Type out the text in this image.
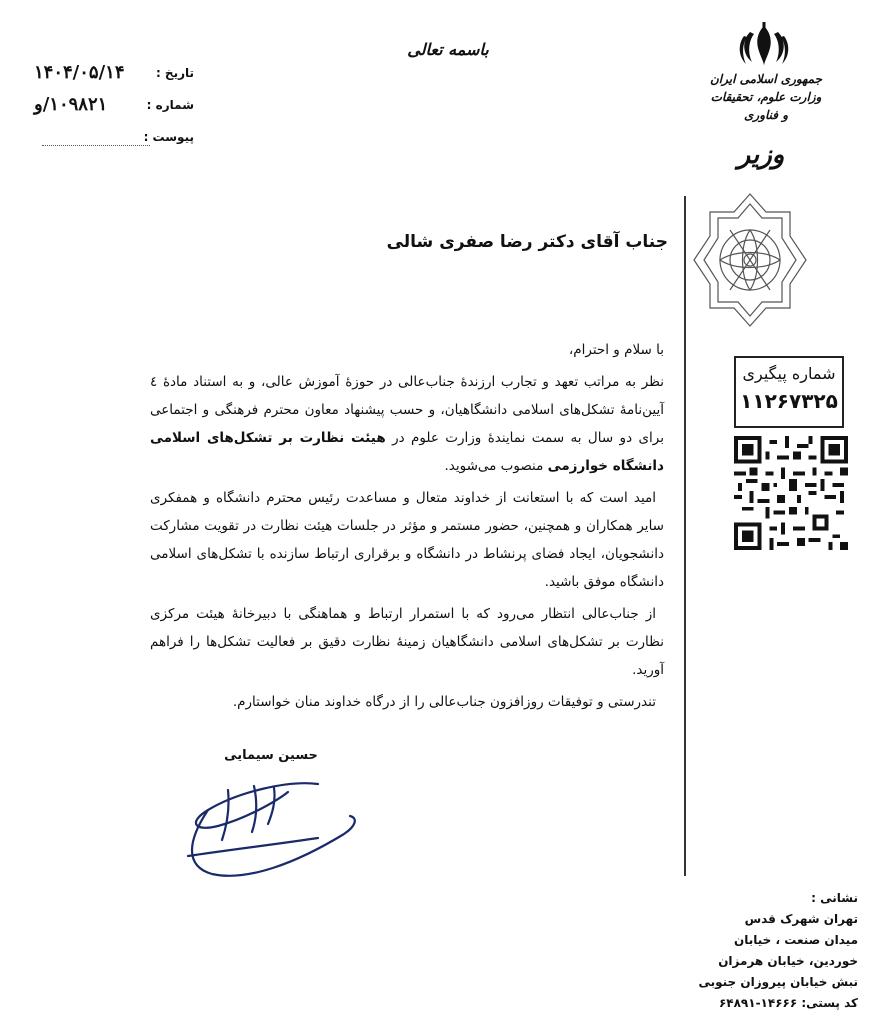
تاریخ :
۱۴۰۴/۰۵/۱۴
شماره :
۱۰۹۸۲۱/و
پیوست :
باسمه تعالی
جمهوری اسلامی ایران
وزارت علوم، تحقیقات و فناوری
وزیر
شماره پیگیری
۱۱۲۶۷۳۲۵
جناب آقای دکتر رضا صفری شالی

با سلام و احترام،

نظر به مراتب تعهد و تجارب ارزندهٔ جناب‌عالی در حوزهٔ آموزش عالی، و به استناد مادهٔ ٤ آیین‌نامهٔ تشکل‌های اسلامی دانشگاهیان، و حسب پیشنهاد معاون محترم فرهنگی و اجتماعی برای دو سال به سمت نمایندهٔ وزارت علوم در هیئت نظارت بر تشکل‌های اسلامی دانشگاه خوارزمی منصوب می‌شوید.

امید است که با استعانت از خداوند متعال و مساعدت رئیس محترم دانشگاه و همفکری سایر همکاران و همچنین، حضور مستمر و مؤثر در جلسات هیئت نظارت در تقویت مشارکت دانشجویان، ایجاد فضای پرنشاط در دانشگاه و برقراری ارتباط سازنده با تشکل‌های اسلامی دانشگاه موفق باشید.

از جناب‌عالی انتظار می‌رود که با استمرار ارتباط و هماهنگی با دبیرخانهٔ هیئت مرکزی نظارت بر تشکل‌های اسلامی دانشگاهیان زمینهٔ نظارت دقیق بر فعالیت تشکل‌ها را فراهم آورید.

تندرستی و توفیقات روزافزون جناب‌عالی را از درگاه خداوند منان خواستارم.

حسین سیمایی
نشانی :
تهران شهرک قدس
میدان صنعت ، خیابان
خوردین، خیابان هرمزان
نبش خیابان پیروزان جنوبی
کد پستی: ۱۴۶۶۶-۶۴۸۹۱
